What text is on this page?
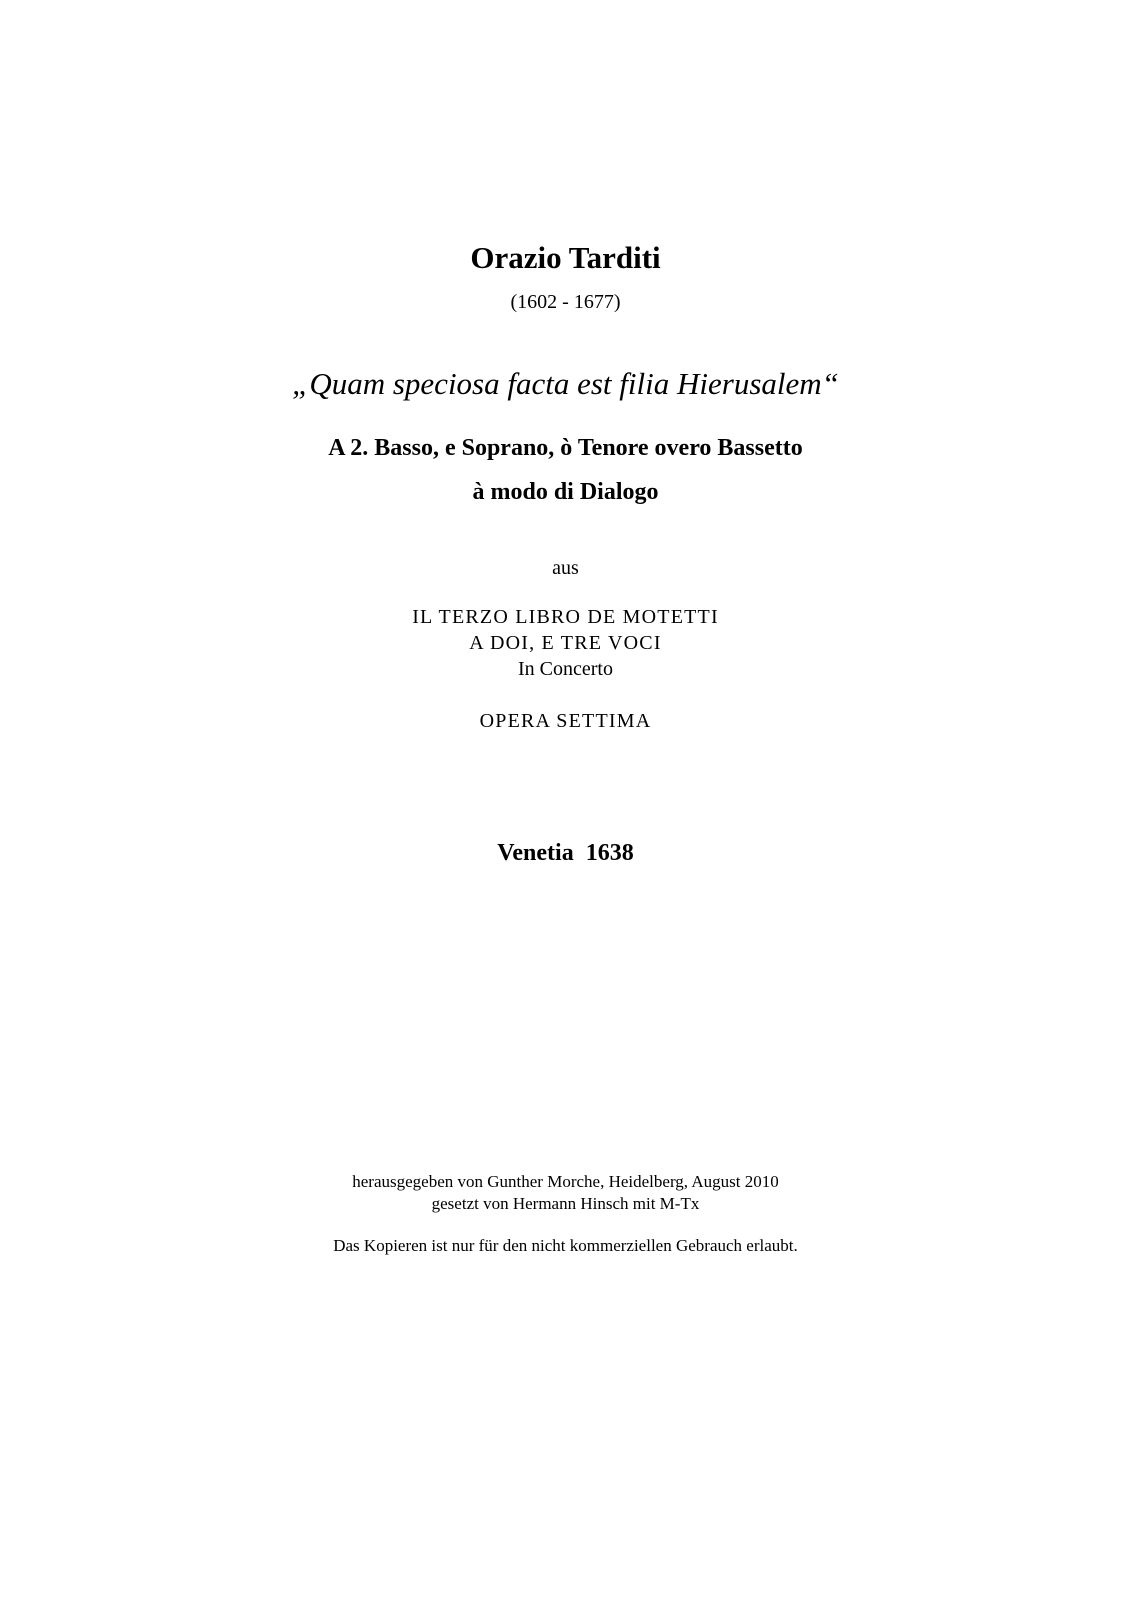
Orazio Tarditi
(1602 - 1677)
„Quam speciosa facta est filia Hierusalem“
A 2. Basso, e Soprano, ò Tenore overo Bassetto
à modo di Dialogo
aus
IL TERZO LIBRO DE MOTETTI
A DOI, E TRE VOCI
In Concerto
OPERA SETTIMA
Venetia  1638
herausgegeben von Gunther Morche, Heidelberg, August 2010
gesetzt von Hermann Hinsch mit M-Tx
Das Kopieren ist nur für den nicht kommerziellen Gebrauch erlaubt.
